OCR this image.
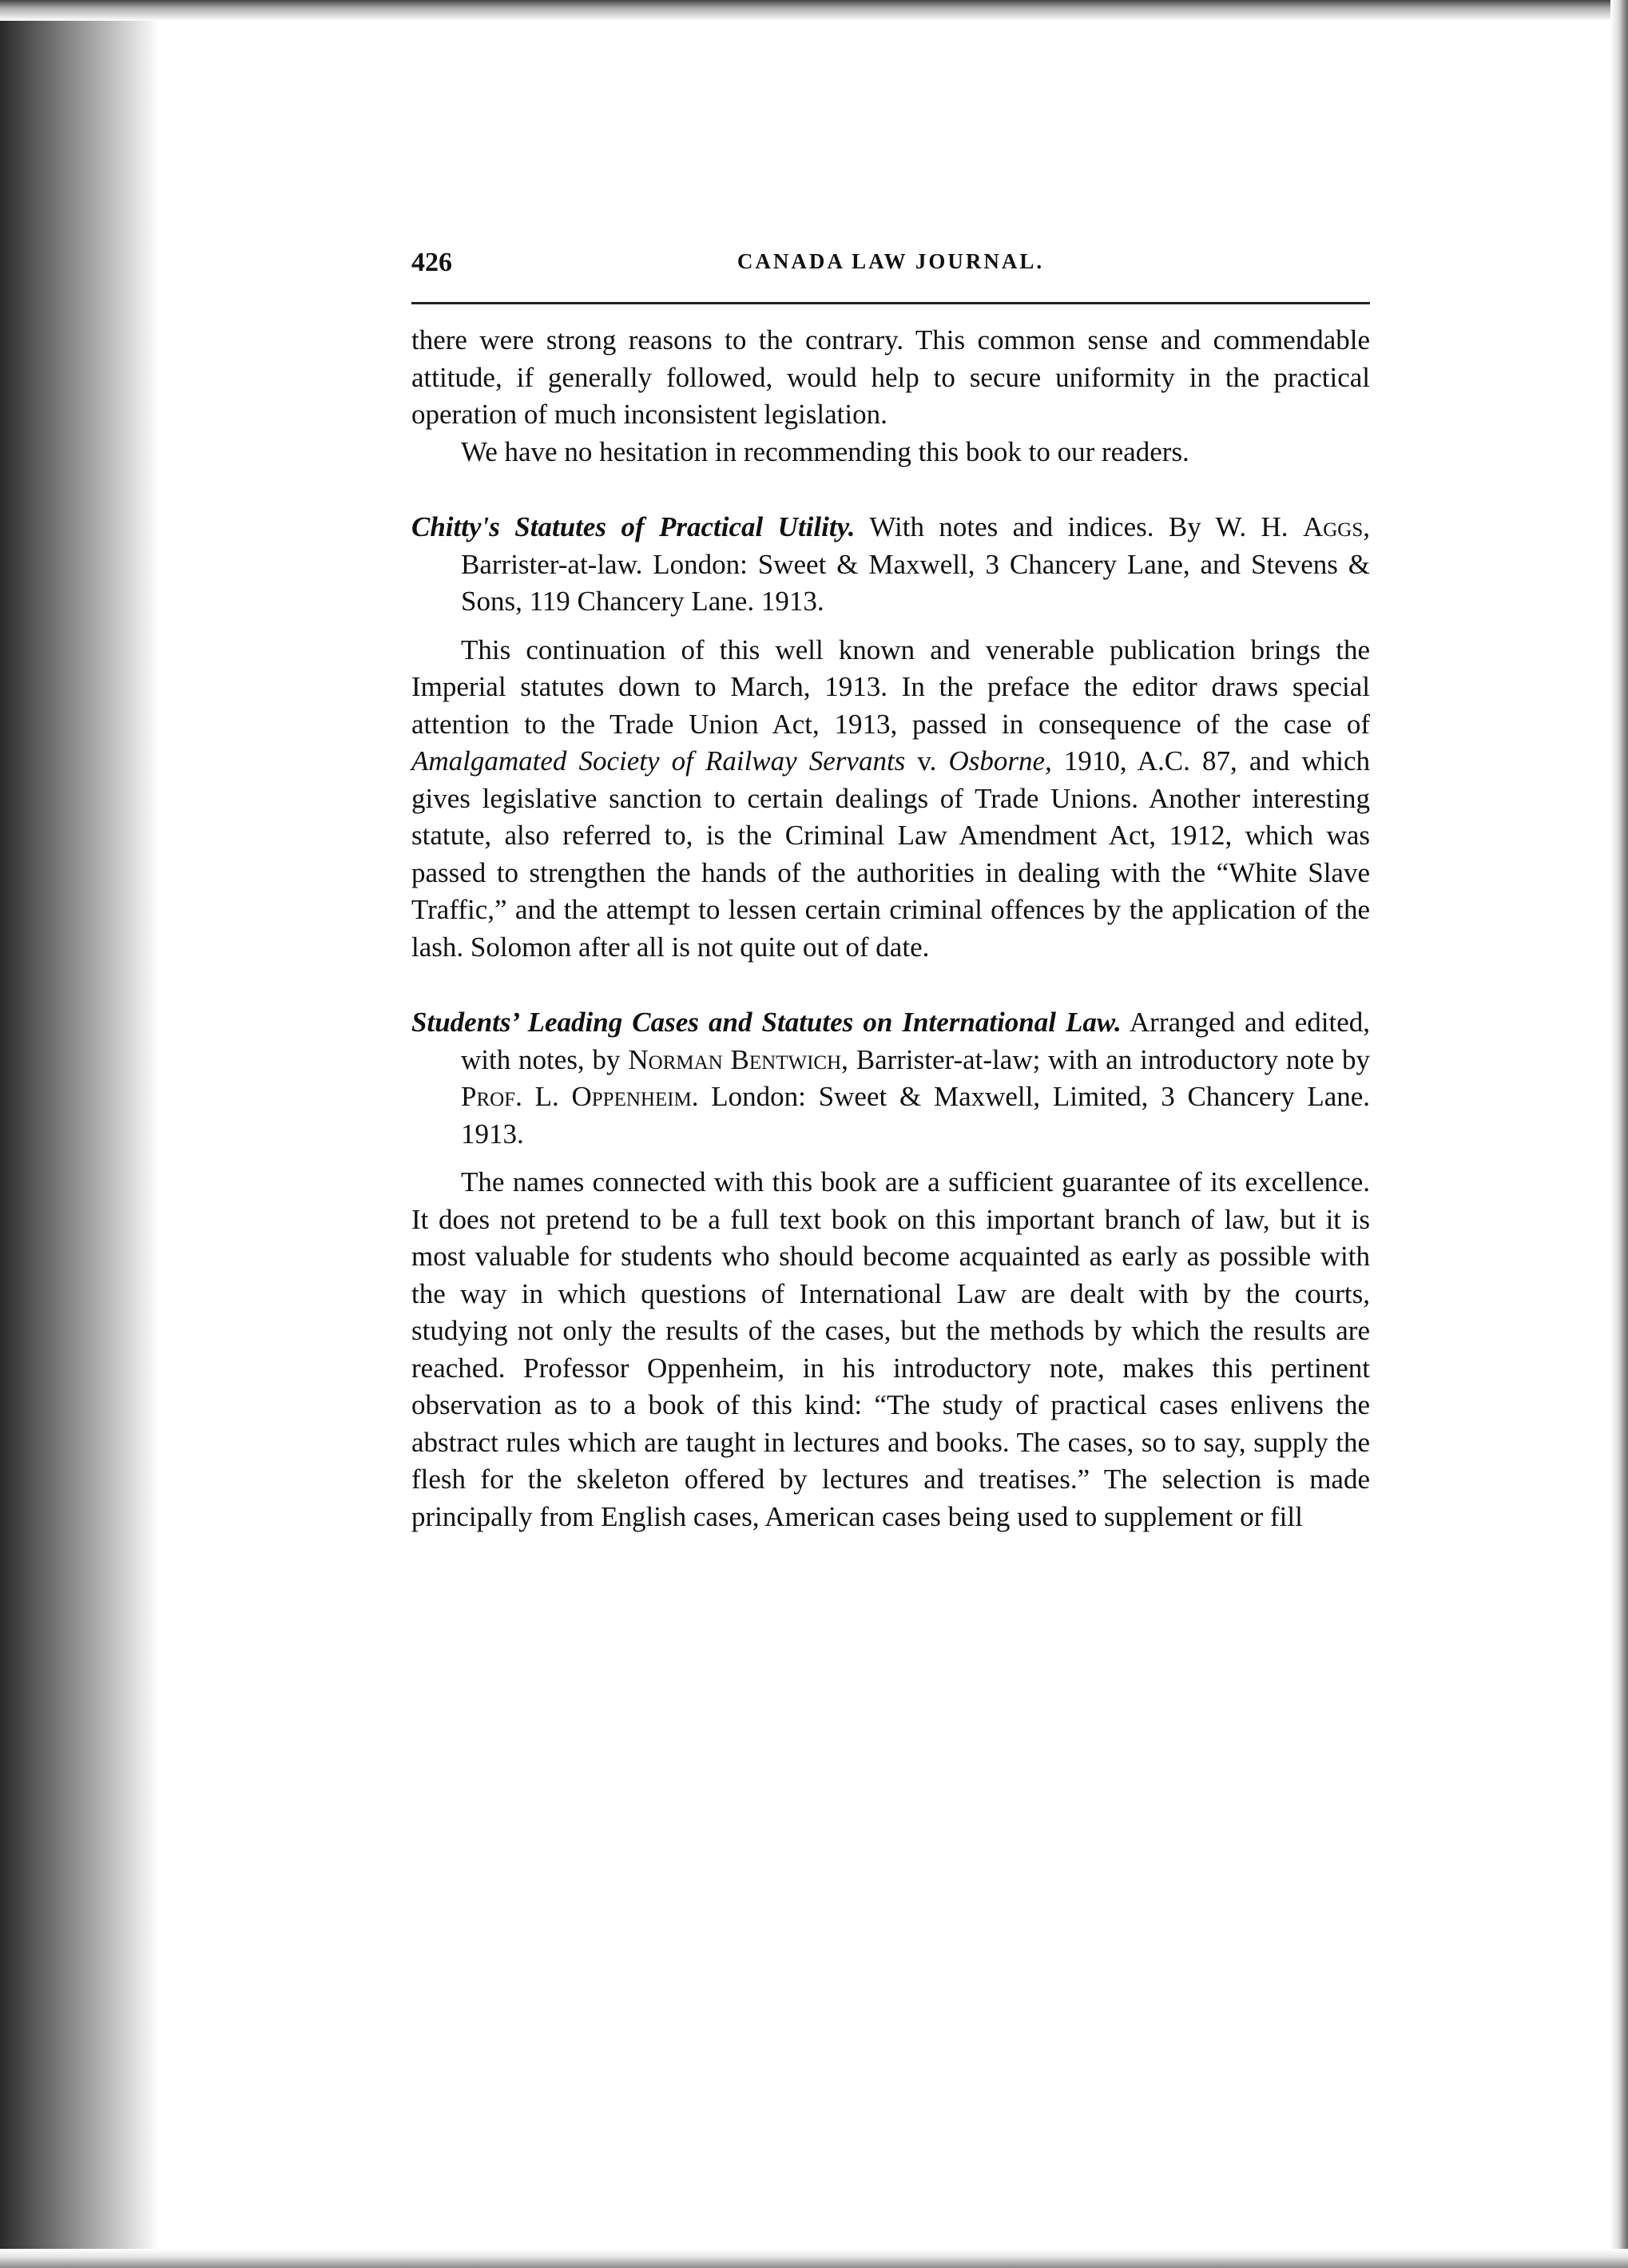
426	CANADA LAW JOURNAL.

there were strong reasons to the contrary. This common sense and commendable attitude, if generally followed, would help to secure uniformity in the practical operation of much inconsistent legislation.

We have no hesitation in recommending this book to our readers.

Chitty's Statutes of Practical Utility. With notes and indices. By W. H. Aggs, Barrister-at-law. London: Sweet & Maxwell, 3 Chancery Lane, and Stevens & Sons, 119 Chancery Lane. 1913.

This continuation of this well known and venerable publication brings the Imperial statutes down to March, 1913. In the preface the editor draws special attention to the Trade Union Act, 1913, passed in consequence of the case of Amalgamated Society of Railway Servants v. Osborne, 1910, A.C. 87, and which gives legislative sanction to certain dealings of Trade Unions. Another interesting statute, also referred to, is the Criminal Law Amendment Act, 1912, which was passed to strengthen the hands of the authorities in dealing with the “White Slave Traffic,” and the attempt to lessen certain criminal offences by the application of the lash. Solomon after all is not quite out of date.

Students’ Leading Cases and Statutes on International Law. Arranged and edited, with notes, by Norman Bentwich, Barrister-at-law; with an introductory note by Prof. L. Oppenheim. London: Sweet & Maxwell, Limited, 3 Chancery Lane. 1913.

The names connected with this book are a sufficient guarantee of its excellence. It does not pretend to be a full text book on this important branch of law, but it is most valuable for students who should become acquainted as early as possible with the way in which questions of International Law are dealt with by the courts, studying not only the results of the cases, but the methods by which the results are reached. Professor Oppenheim, in his introductory note, makes this pertinent observation as to a book of this kind: “The study of practical cases enlivens the abstract rules which are taught in lectures and books. The cases, so to say, supply the flesh for the skeleton offered by lectures and treatises.” The selection is made principally from English cases, American cases being used to supplement or fill
